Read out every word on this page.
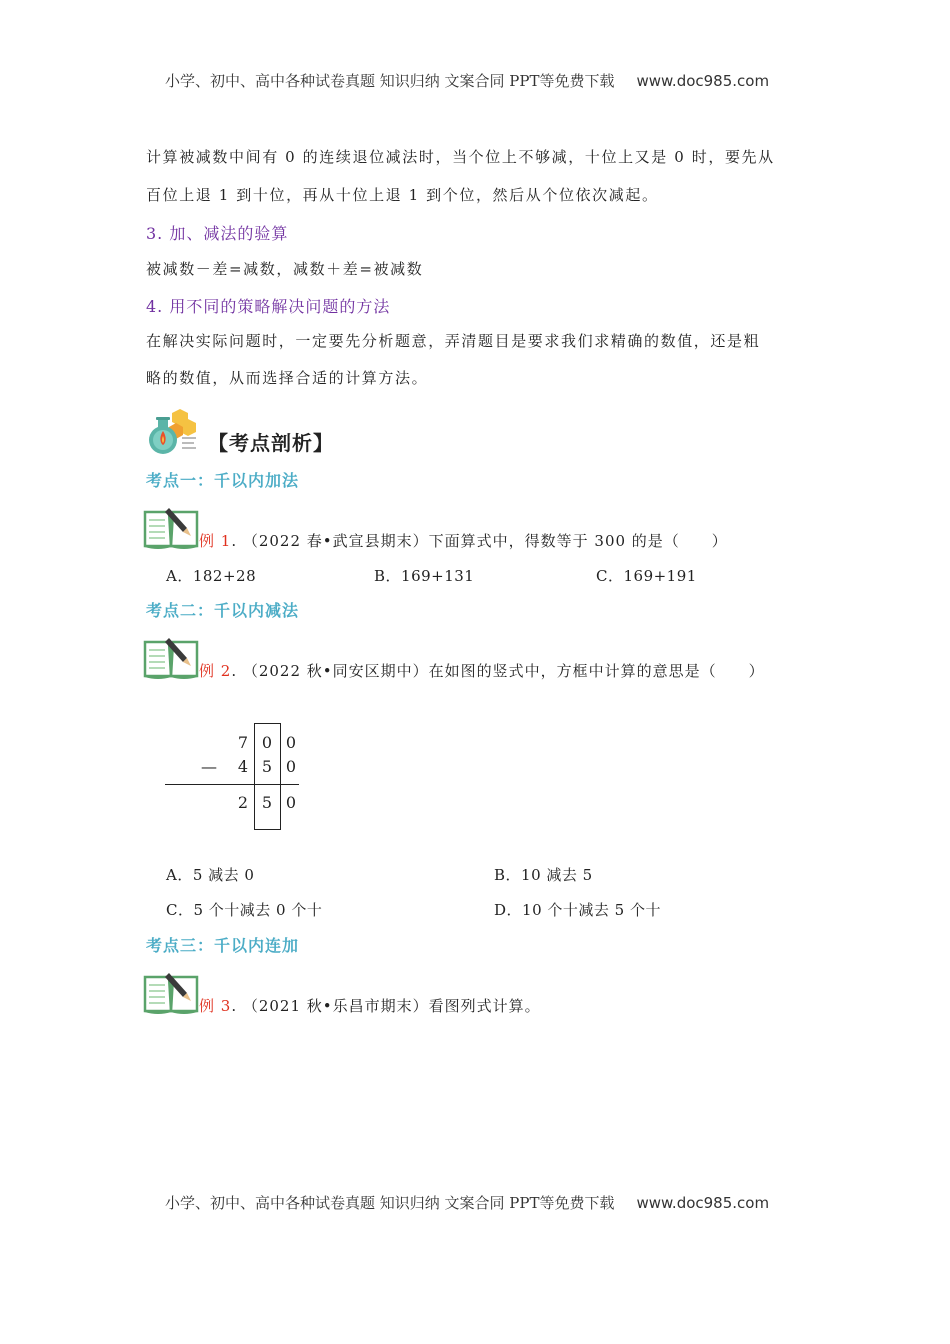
小学、初中、高中各种试卷真题 知识归纳 文案合同 PPT等免费下载 www.doc985.com
计算被减数中间有 0 的连续退位减法时，当个位上不够减，十位上又是 0 时，要先从
百位上退 1 到十位，再从十位上退 1 到个位，然后从个位依次减起。
3. 加、减法的验算
被减数－差=减数，减数＋差=被减数
4. 用不同的策略解决问题的方法
在解决实际问题时，一定要先分析题意，弄清题目是要求我们求精确的数值，还是粗
略的数值，从而选择合适的计算方法。
【考点剖析】
考点一：千以内加法
例 1. （2022 春•武宣县期末）下面算式中，得数等于 300 的是（　　）
A．182+28	B．169+131	C．169+191
考点二：千以内减法
例 2. （2022 秋•同安区期中）在如图的竖式中，方框中计算的意思是（　　）
7 0 0
— 4 5 0
2 5 0
A．5 减去 0	B．10 减去 5
C．5 个十减去 0 个十	D．10 个十减去 5 个十
考点三：千以内连加
例 3. （2021 秋•乐昌市期末）看图列式计算。
小学、初中、高中各种试卷真题 知识归纳 文案合同 PPT等免费下载 www.doc985.com
